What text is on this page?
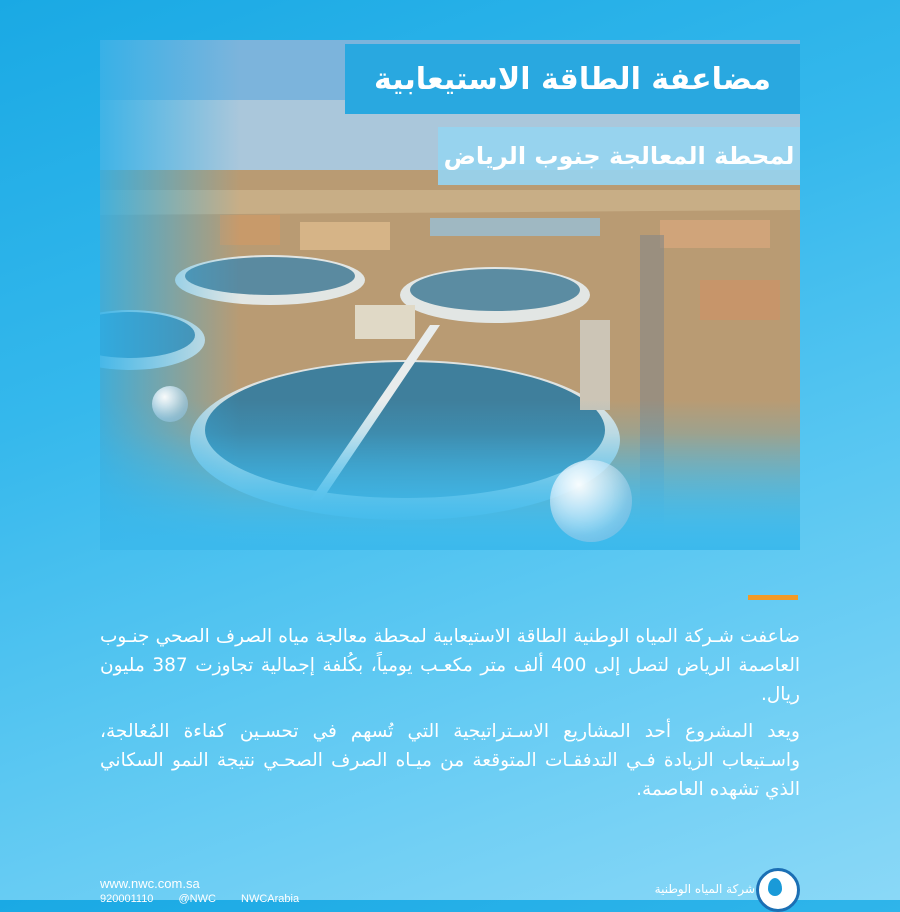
مضاعفة الطاقة الاستيعابية
لمحطة المعالجة جنوب الرياض

ضاعفت شـركة المياه الوطنية الطاقة الاستيعابية لمحطة معالجة مياه الصرف الصحي جنـوب العاصمة الرياض لتصل إلى 400 ألف متر مكعـب يومياً، بكُلفة إجمالية تجاوزت 387 مليون ريال.

ويعد المشروع أحد المشاريع الاسـتراتيجية التي تُسهم في تحسـين كفاءة المُعالجة، واسـتيعاب الزيادة فـي التدفقـات المتوقعة من ميـاه الصرف الصحـي نتيجة النمو السكاني الذي تشهده العاصمة.

www.nwc.com.sa
920001110 @NWC NWCArabia
شركة المياه الوطنية
